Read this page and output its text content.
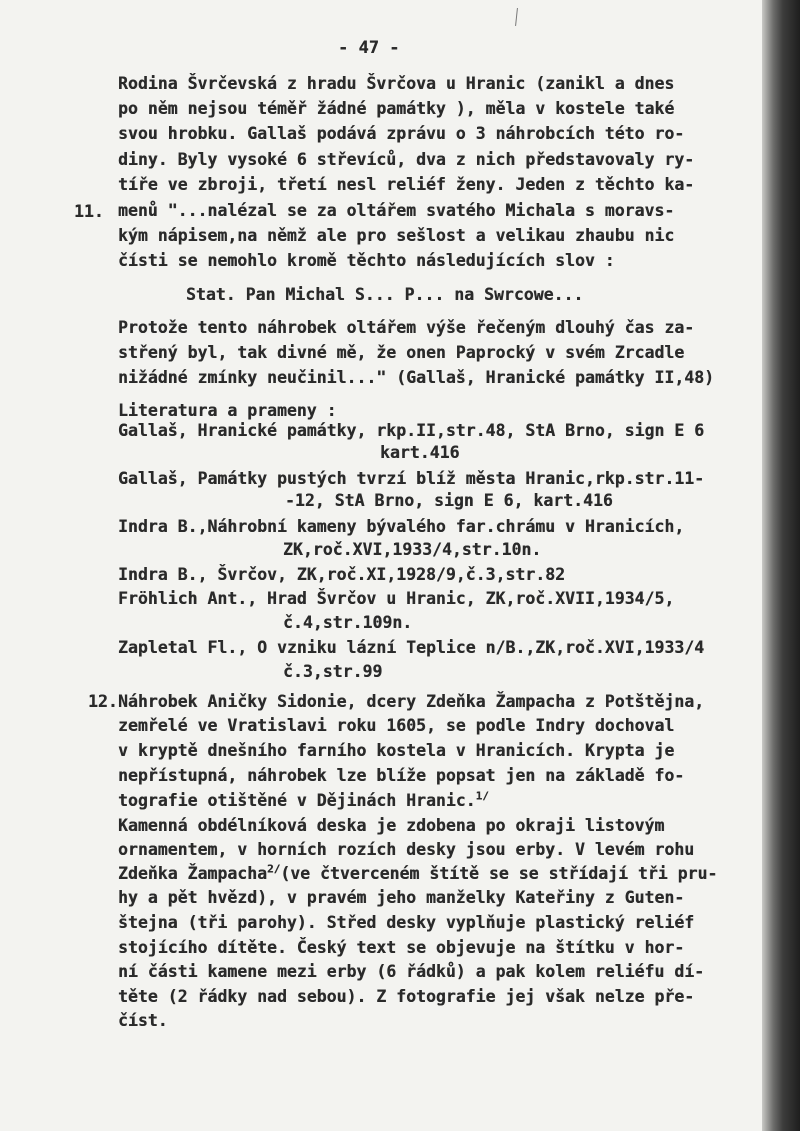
- 47 -
11.
Rodina Švrčevská z hradu Švrčova u Hranic (zanikl a dnes
po něm nejsou téměř žádné památky ), měla v kostele také
svou hrobku. Gallaš podává zprávu o 3 náhrobcích této ro-
diny. Byly vysoké 6 střevíců, dva z nich představovaly ry-
tíře ve zbroji, třetí nesl reliéf ženy. Jeden z těchto ka-
menů "...nalézal se za oltářem svatého Michala s moravs-
kým nápisem,na němž ale pro sešlost a velikau zhaubu nic
čísti se nemohlo kromě těchto následujících slov :
Stat. Pan Michal S... P... na Swrcowe...
Protože tento náhrobek oltářem výše řečeným dlouhý čas za-
střený byl, tak divné mě, že onen Paprocký v svém Zrcadle
nižádné zmínky neučinil..." (Gallaš, Hranické památky II,48)
Literatura a prameny :
Gallaš, Hranické památky, rkp.II,str.48, StA Brno, sign E 6
kart.416
Gallaš, Památky pustých tvrzí blíž města Hranic,rkp.str.11-
-12, StA Brno, sign E 6, kart.416
Indra B.,Náhrobní kameny bývalého far.chrámu v Hranicích,
ZK,roč.XVI,1933/4,str.10n.
Indra B., Švrčov, ZK,roč.XI,1928/9,č.3,str.82
Fröhlich Ant., Hrad Švrčov u Hranic, ZK,roč.XVII,1934/5,
č.4,str.109n.
Zapletal Fl., O vzniku lázní Teplice n/B.,ZK,roč.XVI,1933/4
č.3,str.99
12. Náhrobek Aničky Sidonie, dcery Zdeňka Žampacha z Potštějna,
zemřelé ve Vratislavi roku 1605, se podle Indry dochoval
v kryptě dnešního farního kostela v Hranicích. Krypta je
nepřístupná, náhrobek lze blíže popsat jen na základě fo-
tografie otištěné v Dějinách Hranic.$^{1/}$
Kamenná obdélníková deska je zdobena po okraji listovým
ornamentem, v horních rozích desky jsou erby. V levém rohu
Zdeňka Žampacha$^{2/}$(ve čtverceném štítě se se střídají tři pru-
hy a pět hvězd), v pravém jeho manželky Kateřiny z Guten-
štejna (tři parohy). Střed desky vyplňuje plastický reliéf
stojícího dítěte. Český text se objevuje na štítku v hor-
ní části kamene mezi erby (6 řádků) a pak kolem reliéfu dí-
těte (2 řádky nad sebou). Z fotografie jej však nelze pře-
číst.
